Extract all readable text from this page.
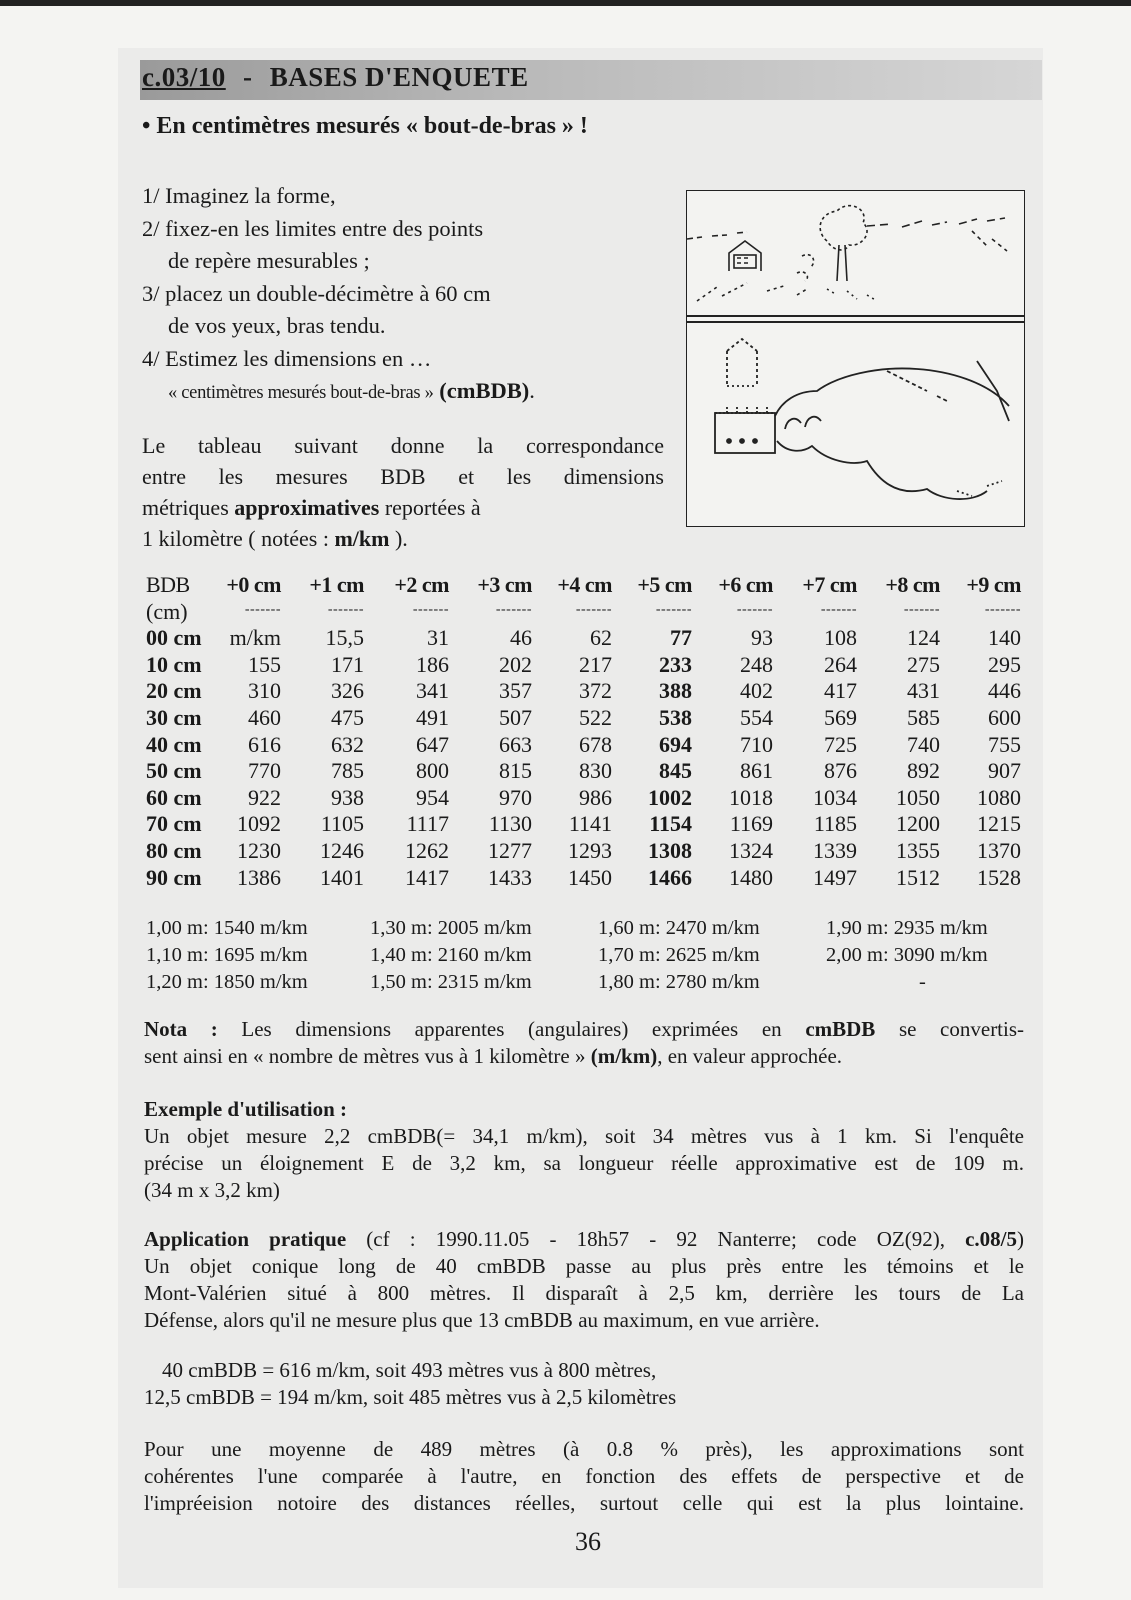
c.03/10 - BASES D'ENQUETE
• En centimètres mesurés « bout-de-bras » !
1/ Imaginez la forme,
2/ fixez-en les limites entre des points
de repère mesurables ;
3/ placez un double-décimètre à 60 cm
de vos yeux, bras tendu.
4/ Estimez les dimensions en …
« centimètres mesurés bout-de-bras » (cmBDB).
Le tableau suivant donne la correspondance
entre les mesures BDB et les dimensions
métriques approximatives reportées à
1 kilomètre ( notées : m/km ).
BDB +0 cm +1 cm +2 cm +3 cm +4 cm +5 cm +6 cm +7 cm +8 cm +9 cm
(cm)	-------	-------	-------	-------	-------	-------	-------	-------	-------	-------
00 cm m/km 15,5	31	46	62	77	93 108 124 140
10 cm 155 171 186 202 217 233 248 264 275 295
20 cm 310 326 341 357 372 388 402 417 431 446
30 cm 460 475 491 507 522 538 554 569 585 600
40 cm 616 632 647 663 678 694 710 725 740 755
50 cm 770 785 800 815 830 845 861 876 892 907
60 cm 922 938 954 970 986 1002 1018 1034 1050 1080
70 cm 1092 1105 1117 1130 1141 1154 1169 1185 1200 1215
80 cm 1230 1246 1262 1277 1293 1308 1324 1339 1355 1370
90 cm 1386 1401 1417 1433 1450 1466 1480 1497 1512 1528
1,00 m: 1540 m/km	1,30 m: 2005 m/km	1,60 m: 2470 m/km	1,90 m: 2935 m/km
1,10 m: 1695 m/km	1,40 m: 2160 m/km	1,70 m: 2625 m/km	2,00 m: 3090 m/km
1,20 m: 1850 m/km	1,50 m: 2315 m/km	1,80 m: 2780 m/km	-
Nota : Les dimensions apparentes (angulaires) exprimées en cmBDB se convertis-
sent ainsi en « nombre de mètres vus à 1 kilomètre » (m/km), en valeur approchée.
Exemple d'utilisation :
Un objet mesure 2,2 cmBDB(= 34,1 m/km), soit 34 mètres vus à 1 km. Si l'enquête
précise un éloignement E de 3,2 km, sa longueur réelle approximative est de 109 m.
(34 m x 3,2 km)
Application pratique (cf : 1990.11.05 - 18h57 - 92 Nanterre; code OZ(92), c.08/5)
Un objet conique long de 40 cmBDB passe au plus près entre les témoins et le
Mont-Valérien situé à 800 mètres. Il disparaît à 2,5 km, derrière les tours de La
Défense, alors qu'il ne mesure plus que 13 cmBDB au maximum, en vue arrière.
40 cmBDB = 616 m/km, soit 493 mètres vus à 800 mètres,
12,5 cmBDB = 194 m/km, soit 485 mètres vus à 2,5 kilomètres
Pour une moyenne de 489 mètres (à 0.8 % près), les approximations sont
cohérentes l'une comparée à l'autre, en fonction des effets de perspective et de
l'impréeision notoire des distances réelles, surtout celle qui est la plus lointaine.
36
